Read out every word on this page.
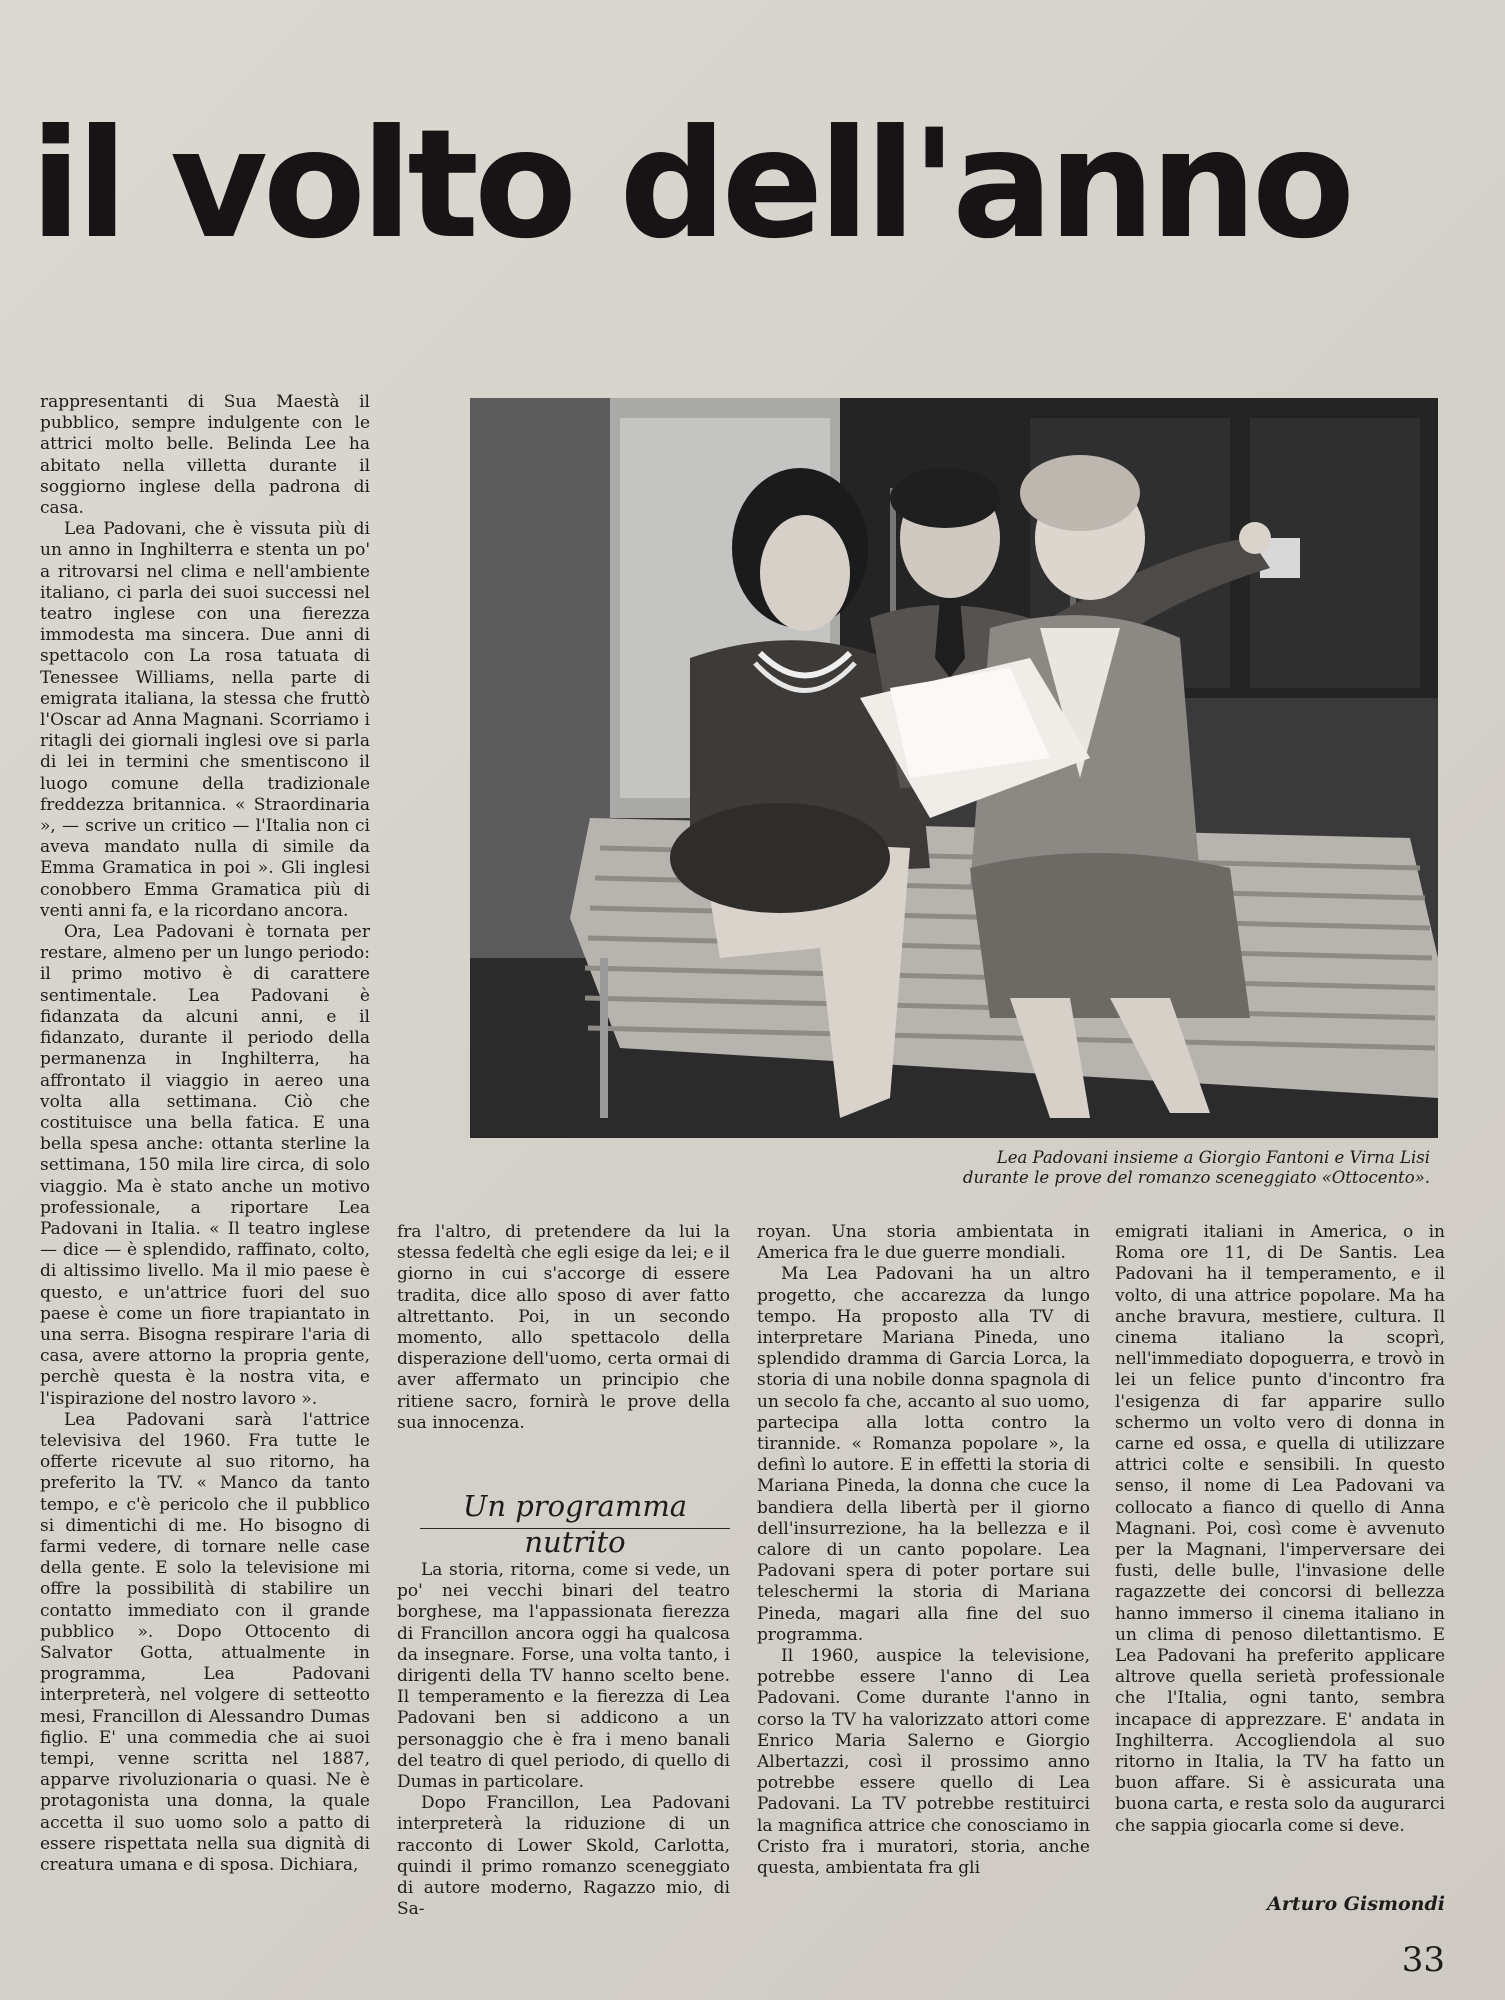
il volto dell'anno

rappresentanti di Sua Maestà il pubblico, sempre indulgente con le attrici molto belle. Belinda Lee ha abitato nella villetta durante il soggiorno inglese della padrona di casa.

Lea Padovani, che è vissuta più di un anno in Inghilterra e stenta un po' a ritrovarsi nel clima e nell'ambiente italiano, ci parla dei suoi successi nel teatro inglese con una fierezza immodesta ma sincera. Due anni di spettacolo con La rosa tatuata di Tenessee Williams, nella parte di emigrata italiana, la stessa che fruttò l'Oscar ad Anna Magnani. Scorriamo i ritagli dei giornali inglesi ove si parla di lei in termini che smentiscono il luogo comune della tradizionale freddezza britannica. « Straordinaria », — scrive un critico — l'Italia non ci aveva mandato nulla di simile da Emma Gramatica in poi ». Gli inglesi conobbero Emma Gramatica più di venti anni fa, e la ricordano ancora.

Ora, Lea Padovani è tornata per restare, almeno per un lungo periodo: il primo motivo è di carattere sentimentale. Lea Padovani è fidanzata da alcuni anni, e il fidanzato, durante il periodo della permanenza in Inghilterra, ha affrontato il viaggio in aereo una volta alla settimana. Ciò che costituisce una bella fatica. E una bella spesa anche: ottanta sterline la settimana, 150 mila lire circa, di solo viaggio. Ma è stato anche un motivo professionale, a riportare Lea Padovani in Italia. « Il teatro inglese — dice — è splendido, raffinato, colto, di altissimo livello. Ma il mio paese è questo, e un'attrice fuori del suo paese è come un fiore trapiantato in una serra. Bisogna respirare l'aria di casa, avere attorno la propria gente, perchè questa è la nostra vita, e l'ispirazione del nostro lavoro ».

Lea Padovani sarà l'attrice televisiva del 1960. Fra tutte le offerte ricevute al suo ritorno, ha preferito la TV. « Manco da tanto tempo, e c'è pericolo che il pubblico si dimentichi di me. Ho bisogno di farmi vedere, di tornare nelle case della gente. E solo la televisione mi offre la possibilità di stabilire un contatto immediato con il grande pubblico ». Dopo Ottocento di Salvator Gotta, attualmente in programma, Lea Padovani interpreterà, nel volgere di setteotto mesi, Francillon di Alessandro Dumas figlio. E' una commedia che ai suoi tempi, venne scritta nel 1887, apparve rivoluzionaria o quasi. Ne è protagonista una donna, la quale accetta il suo uomo solo a patto di essere rispettata nella sua dignità di creatura umana e di sposa. Dichiara,

Lea Padovani insieme a Giorgio Fantoni e Virna Lisi
durante le prove del romanzo sceneggiato «Ottocento».

fra l'altro, di pretendere da lui la stessa fedeltà che egli esige da lei; e il giorno in cui s'accorge di essere tradita, dice allo sposo di aver fatto altrettanto. Poi, in un secondo momento, allo spettacolo della disperazione dell'uomo, certa ormai di aver affermato un principio che ritiene sacro, fornirà le prove della sua innocenza.

Un programma nutrito

La storia, ritorna, come si vede, un po' nei vecchi binari del teatro borghese, ma l'appassionata fierezza di Francillon ancora oggi ha qualcosa da insegnare. Forse, una volta tanto, i dirigenti della TV hanno scelto bene. Il temperamento e la fierezza di Lea Padovani ben si addicono a un personaggio che è fra i meno banali del teatro di quel periodo, di quello di Dumas in particolare.

Dopo Francillon, Lea Padovani interpreterà la riduzione di un racconto di Lower Skold, Carlotta, quindi il primo romanzo sceneggiato di autore moderno, Ragazzo mio, di Sa-

royan. Una storia ambientata in America fra le due guerre mondiali.

Ma Lea Padovani ha un altro progetto, che accarezza da lungo tempo. Ha proposto alla TV di interpretare Mariana Pineda, uno splendido dramma di Garcia Lorca, la storia di una nobile donna spagnola di un secolo fa che, accanto al suo uomo, partecipa alla lotta contro la tirannide. « Romanza popolare », la definì lo autore. E in effetti la storia di Mariana Pineda, la donna che cuce la bandiera della libertà per il giorno dell'insurrezione, ha la bellezza e il calore di un canto popolare. Lea Padovani spera di poter portare sui teleschermi la storia di Mariana Pineda, magari alla fine del suo programma.

Il 1960, auspice la televisione, potrebbe essere l'anno di Lea Padovani. Come durante l'anno in corso la TV ha valorizzato attori come Enrico Maria Salerno e Giorgio Albertazzi, così il prossimo anno potrebbe essere quello di Lea Padovani. La TV potrebbe restituirci la magnifica attrice che conosciamo in Cristo fra i muratori, storia, anche questa, ambientata fra gli

emigrati italiani in America, o in Roma ore 11, di De Santis. Lea Padovani ha il temperamento, e il volto, di una attrice popolare. Ma ha anche bravura, mestiere, cultura. Il cinema italiano la scoprì, nell'immediato dopoguerra, e trovò in lei un felice punto d'incontro fra l'esigenza di far apparire sullo schermo un volto vero di donna in carne ed ossa, e quella di utilizzare attrici colte e sensibili. In questo senso, il nome di Lea Padovani va collocato a fianco di quello di Anna Magnani. Poi, così come è avvenuto per la Magnani, l'imperversare dei fusti, delle bulle, l'invasione delle ragazzette dei concorsi di bellezza hanno immerso il cinema italiano in un clima di penoso dilettantismo. E Lea Padovani ha preferito applicare altrove quella serietà professionale che l'Italia, ogni tanto, sembra incapace di apprezzare. E' andata in Inghilterra. Accogliendola al suo ritorno in Italia, la TV ha fatto un buon affare. Si è assicurata una buona carta, e resta solo da augurarci che sappia giocarla come si deve.

Arturo Gismondi

33
